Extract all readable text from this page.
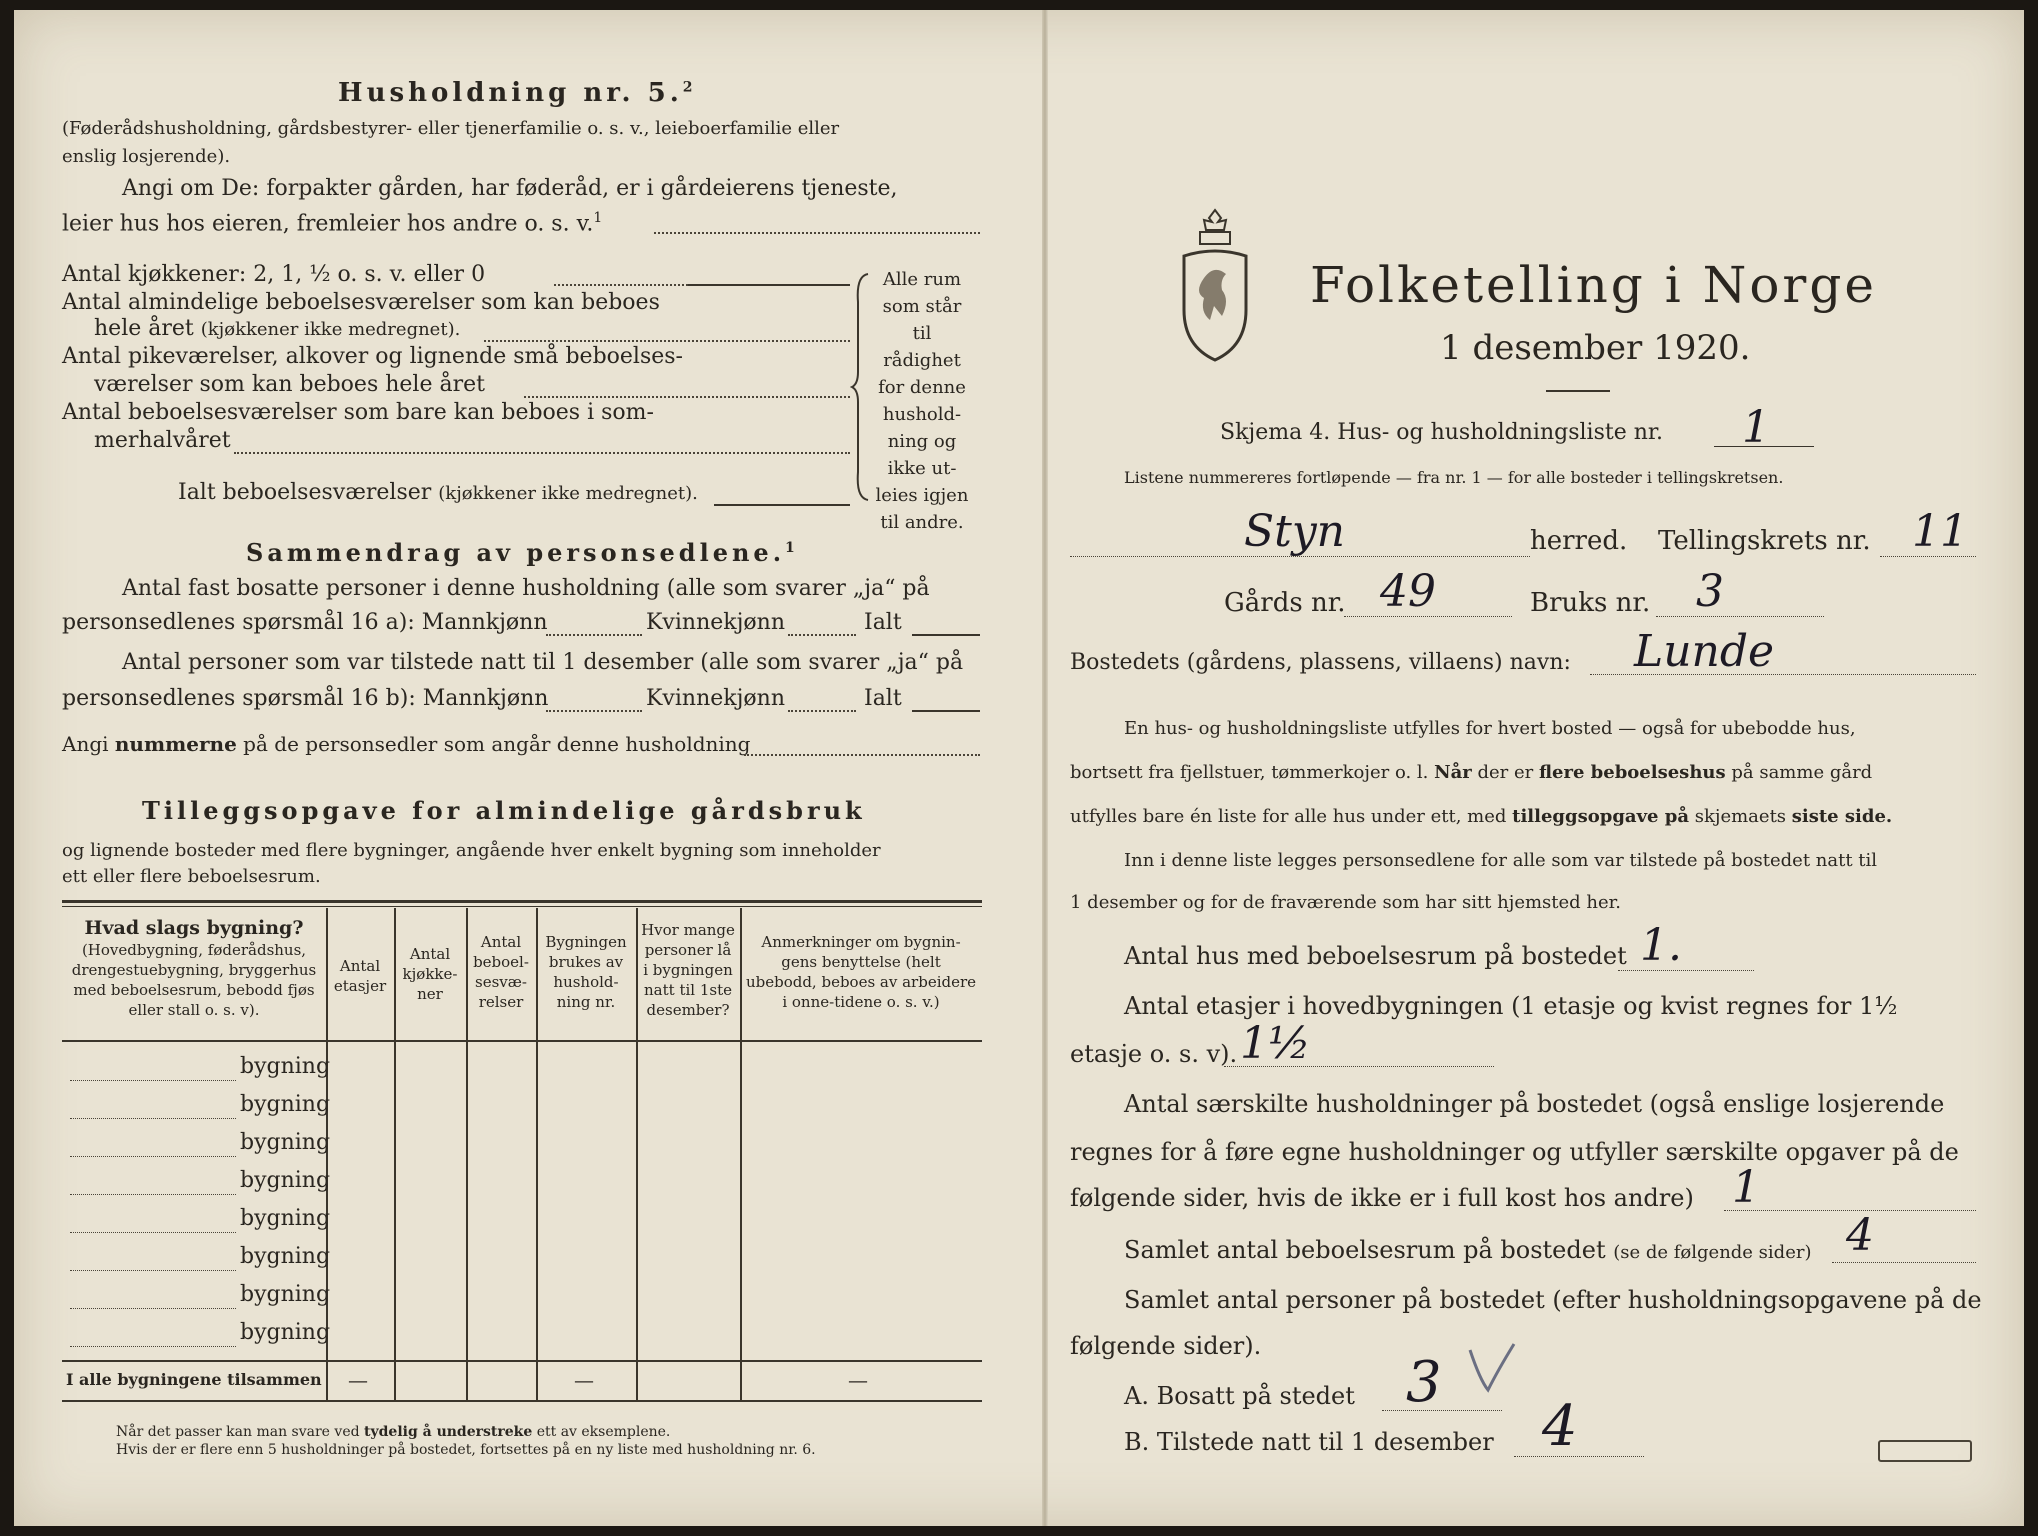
Husholdning nr. 5.$^2$
(Føderådshusholdning, gårdsbestyrer- eller tjenerfamilie o. s. v., leieboerfamilie eller
enslig losjerende).
Angi om De: forpakter gården, har føderåd, er i gårdeierens tjeneste,
leier hus hos eieren, fremleier hos andre o. s. v.$^1$
Antal kjøkkener: 2, 1, ½ o. s. v. eller 0
Antal almindelige beboelsesværelser som kan beboes
hele året (kjøkkener ikke medregnet).
Antal pikeværelser, alkover og lignende små beboelses-
værelser som kan beboes hele året
Antal beboelsesværelser som bare kan beboes i som-
merhalvåret
Ialt beboelsesværelser (kjøkkener ikke medregnet).
Alle rum
som står til
rådighet
for denne
hushold-
ning og
ikke ut-
leies igjen
til andre.
Sammendrag av personsedlene.$^1$
Antal fast bosatte personer i denne husholdning (alle som svarer „ja“ på
personsedlenes spørsmål 16 a): Mannkjønn	Kvinnekjønn	Ialt
Antal personer som var tilstede natt til 1 desember (alle som svarer „ja“ på
personsedlenes spørsmål 16 b): Mannkjønn	Kvinnekjønn	Ialt
Angi nummerne på de personsedler som angår denne husholdning
Tilleggsopgave for almindelige gårdsbruk
og lignende bosteder med flere bygninger, angående hver enkelt bygning som inneholder
ett eller flere beboelsesrum.
Hvad slags bygning?
(Hovedbygning, føderådshus, drengestuebygning, bryggerhus med beboelsesrum, bebodd fjøs eller stall o. s. v).
Antal etasjer
Antal kjøkke-ner
Antal beboel-sesvæ-relser
Bygningen brukes av hushold-ning nr.
Hvor mange personer lå i bygningen natt til 1ste desember?
Anmerkninger om bygnin-gens benyttelse (helt ubebodd, beboes av arbeidere i onne-tidene o. s. v.)
bygning
bygning
bygning
bygning
bygning
bygning
bygning
bygning
I alle bygningene tilsammen —	—	—
Når det passer kan man svare ved tydelig å understreke ett av eksemplene.
Hvis der er flere enn 5 husholdninger på bostedet, fortsettes på en ny liste med husholdning nr. 6.
Folketelling i Norge
1 desember 1920.
Skjema 4. Hus- og husholdningsliste nr. 1
Listene nummereres fortløpende — fra nr. 1 — for alle bosteder i tellingskretsen.
Styn	herred. Tellingskrets nr. 11
Gårds nr. 49	Bruks nr. 3
Bostedets (gårdens, plassens, villaens) navn: Lunde
En hus- og husholdningsliste utfylles for hvert bosted — også for ubebodde hus,
bortsett fra fjellstuer, tømmerkojer o. l. Når der er flere beboelseshus på samme gård
utfylles bare én liste for alle hus under ett, med tilleggsopgave på skjemaets siste side.
Inn i denne liste legges personsedlene for alle som var tilstede på bostedet natt til
1 desember og for de fraværende som har sitt hjemsted her.
Antal hus med beboelsesrum på bostedet 1.
Antal etasjer i hovedbygningen (1 etasje og kvist regnes for 1½
etasje o. s. v). 1½
Antal særskilte husholdninger på bostedet (også enslige losjerende
regnes for å føre egne husholdninger og utfyller særskilte opgaver på de
følgende sider, hvis de ikke er i full kost hos andre) 1
Samlet antal beboelsesrum på bostedet (se de følgende sider) 4
Samlet antal personer på bostedet (efter husholdningsopgavene på de
følgende sider).
A. Bosatt på stedet 3
B. Tilstede natt til 1 desember 4
